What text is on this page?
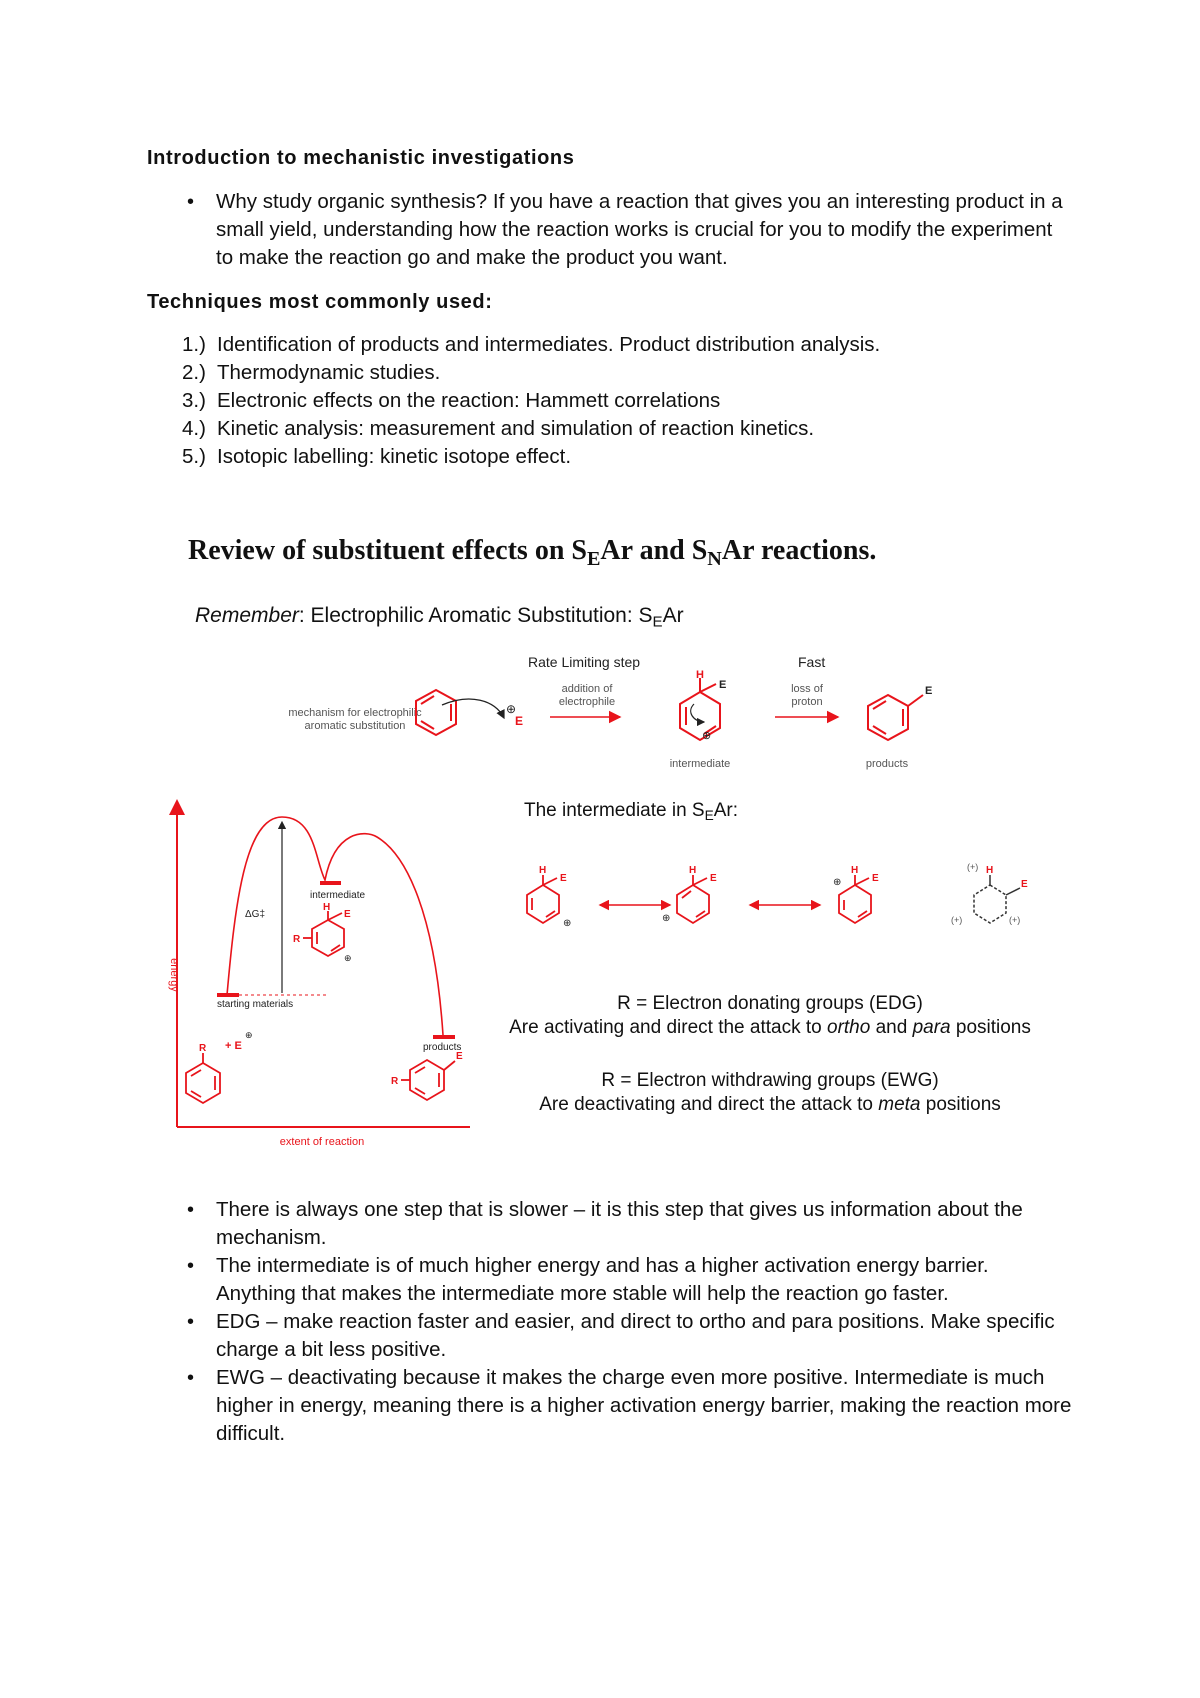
Introduction to mechanistic investigations
• Why study organic synthesis? If you have a reaction that gives you an interesting product in a small yield, understanding how the reaction works is crucial for you to modify the experiment to make the reaction go and make the product you want.
Techniques most commonly used:
1.) Identification of products and intermediates. Product distribution analysis.
2.) Thermodynamic studies.
3.) Electronic effects on the reaction: Hammett correlations
4.) Kinetic analysis: measurement and simulation of reaction kinetics.
5.) Isotopic labelling: kinetic isotope effect.
Review of substituent effects on $S_EAr$ and $S_NAr$ reactions.
Remember: Electrophilic Aromatic Substitution: $S_EAr$
Rate Limiting step	Fast
mechanism for electrophilic
aromatic substitution
⊕
E
addition of
electrophile
H
E
⊕
intermediate
loss of
proton
E
products
energy
extent of reaction
ΔG‡
starting materials
intermediate
products
H
E
R
⊕
R + E
⊕
E
R
The intermediate in $S_EAr$:
H
E
⊕
H
E
⊕
H
E
⊕
H
E
(+)
(+)	(+)
R = Electron donating groups (EDG)
Are activating and direct the attack to ortho and para positions
R = Electron withdrawing groups (EWG)
Are deactivating and direct the attack to meta positions
• There is always one step that is slower – it is this step that gives us information about the mechanism.
• The intermediate is of much higher energy and has a higher activation energy barrier. Anything that makes the intermediate more stable will help the reaction go faster.
• EDG – make reaction faster and easier, and direct to ortho and para positions. Make specific charge a bit less positive.
• EWG – deactivating because it makes the charge even more positive. Intermediate is much higher in energy, meaning there is a higher activation energy barrier, making the reaction more difficult.
